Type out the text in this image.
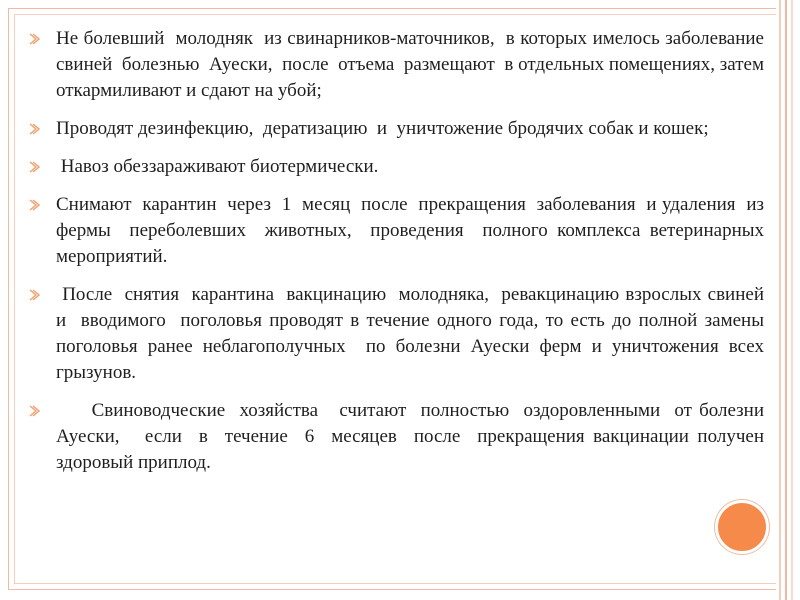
Не болевший  молодняк  из свинарников-маточников,  в которых имелось заболевание  свиней  болезнью  Ауески,  после  отъема  размещают  в отдельных помещениях, затем откармиливают и сдают на убой;
Проводят дезинфекцию,  дератизацию  и  уничтожение бродячих собак и кошек;
Навоз обеззараживают биотермически.
Снимают  карантин  через  1  месяц  после  прекращения  заболевания  и удаления  из  фермы  переболевших  животных,  проведения  полного комплекса ветеринарных мероприятий.
После  снятия  карантина  вакцинацию  молодняка,  ревакцинацию взрослых свиней  и  вводимого  поголовья проводят в течение одного года, то есть до полной замены поголовья ранее неблагополучных  по болезни Ауески ферм и уничтожения всех грызунов.
Свиноводческие  хозяйства   считают  полностью  оздоровленными  от болезни  Ауески,   если  в  течение  6  месяцев  после  прекращения вакцинации получен здоровый приплод.
